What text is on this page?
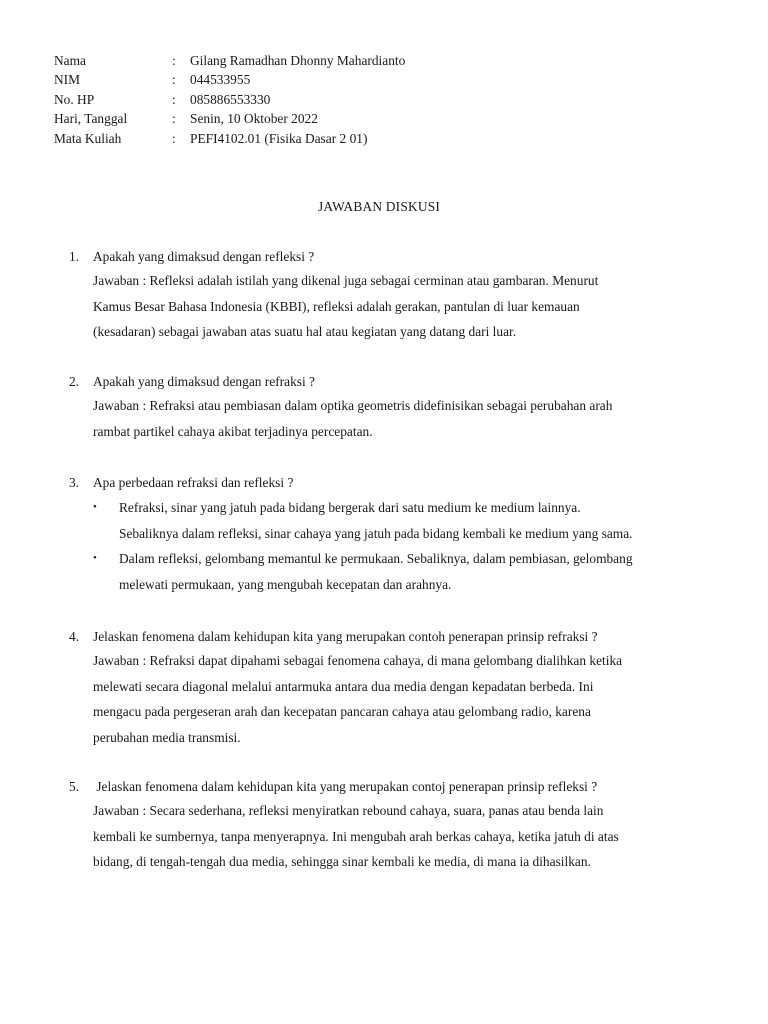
Nama	:	Gilang Ramadhan Dhonny Mahardianto
NIM	:	044533955
No. HP	:	085886553330
Hari, Tanggal	:	Senin, 10 Oktober 2022
Mata Kuliah	:	PEFI4102.01 (Fisika Dasar 2 01)
JAWABAN DISKUSI
1.	Apakah yang dimaksud dengan refleksi ?

Jawaban : Refleksi adalah istilah yang dikenal juga sebagai cerminan atau gambaran. Menurut

Kamus Besar Bahasa Indonesia (KBBI), refleksi adalah gerakan, pantulan di luar kemauan

(kesadaran) sebagai jawaban atas suatu hal atau kegiatan yang datang dari luar.

2.	Apakah yang dimaksud dengan refraksi ?

Jawaban : Refraksi atau pembiasan dalam optika geometris didefinisikan sebagai perubahan arah

rambat partikel cahaya akibat terjadinya percepatan.

3.	Apa perbedaan refraksi dan refleksi ?
•	Refraksi, sinar yang jatuh pada bidang bergerak dari satu medium ke medium lainnya.

Sebaliknya dalam refleksi, sinar cahaya yang jatuh pada bidang kembali ke medium yang sama.

•	Dalam refleksi, gelombang memantul ke permukaan. Sebaliknya, dalam pembiasan, gelombang

melewati permukaan, yang mengubah kecepatan dan arahnya.

4.	Jelaskan fenomena dalam kehidupan kita yang merupakan contoh penerapan prinsip refraksi ?

Jawaban : Refraksi dapat dipahami sebagai fenomena cahaya, di mana gelombang dialihkan ketika

melewati secara diagonal melalui antarmuka antara dua media dengan kepadatan berbeda. Ini

mengacu pada pergeseran arah dan kecepatan pancaran cahaya atau gelombang radio, karena

perubahan media transmisi.

5.	Jelaskan fenomena dalam kehidupan kita yang merupakan contoj penerapan prinsip refleksi ?

Jawaban : Secara sederhana, refleksi menyiratkan rebound cahaya, suara, panas atau benda lain

kembali ke sumbernya, tanpa menyerapnya. Ini mengubah arah berkas cahaya, ketika jatuh di atas

bidang, di tengah-tengah dua media, sehingga sinar kembali ke media, di mana ia dihasilkan.
